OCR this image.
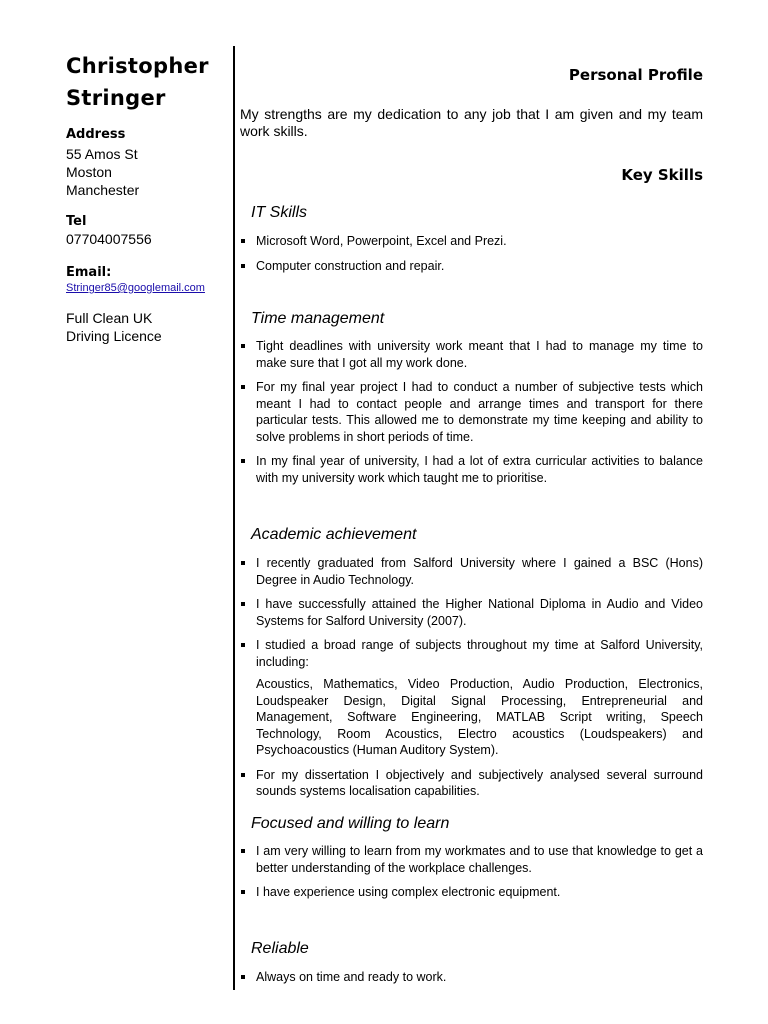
Christopher
Stringer
Address
55 Amos St
Moston
Manchester
Tel
07704007556
Email:
Stringer85@googlemail.com
Full Clean UK
Driving Licence
Personal Profile
My strengths are my dedication to any job that I am given and my team work skills.
Key Skills
IT Skills
Microsoft Word, Powerpoint, Excel and Prezi.
Computer construction and repair.
Time management
Tight deadlines with university work meant that I had to manage my time to make sure that I got all my work done.
For my final year project I had to conduct a number of subjective tests which meant I had to contact people and arrange times and transport for there particular tests. This allowed me to demonstrate my time keeping and ability to solve problems in short periods of time.
In my final year of university, I had a lot of extra curricular activities to balance with my university work which taught me to prioritise.
Academic achievement
I recently graduated from Salford University where I gained a BSC (Hons) Degree in Audio Technology.
I have successfully attained the Higher National Diploma in Audio and Video Systems for Salford University (2007).
I studied a broad range of subjects throughout my time at Salford University, including:
Acoustics, Mathematics, Video Production, Audio Production, Electronics, Loudspeaker Design, Digital Signal Processing, Entrepreneurial and Management, Software Engineering, MATLAB Script writing, Speech Technology, Room Acoustics, Electro acoustics (Loudspeakers) and Psychoacoustics (Human Auditory System).
For my dissertation I objectively and subjectively analysed several surround sounds systems localisation capabilities.
Focused and willing to learn
I am very willing to learn from my workmates and to use that knowledge to get a better understanding of the workplace challenges.
I have experience using complex electronic equipment.
Reliable
Always on time and ready to work.
